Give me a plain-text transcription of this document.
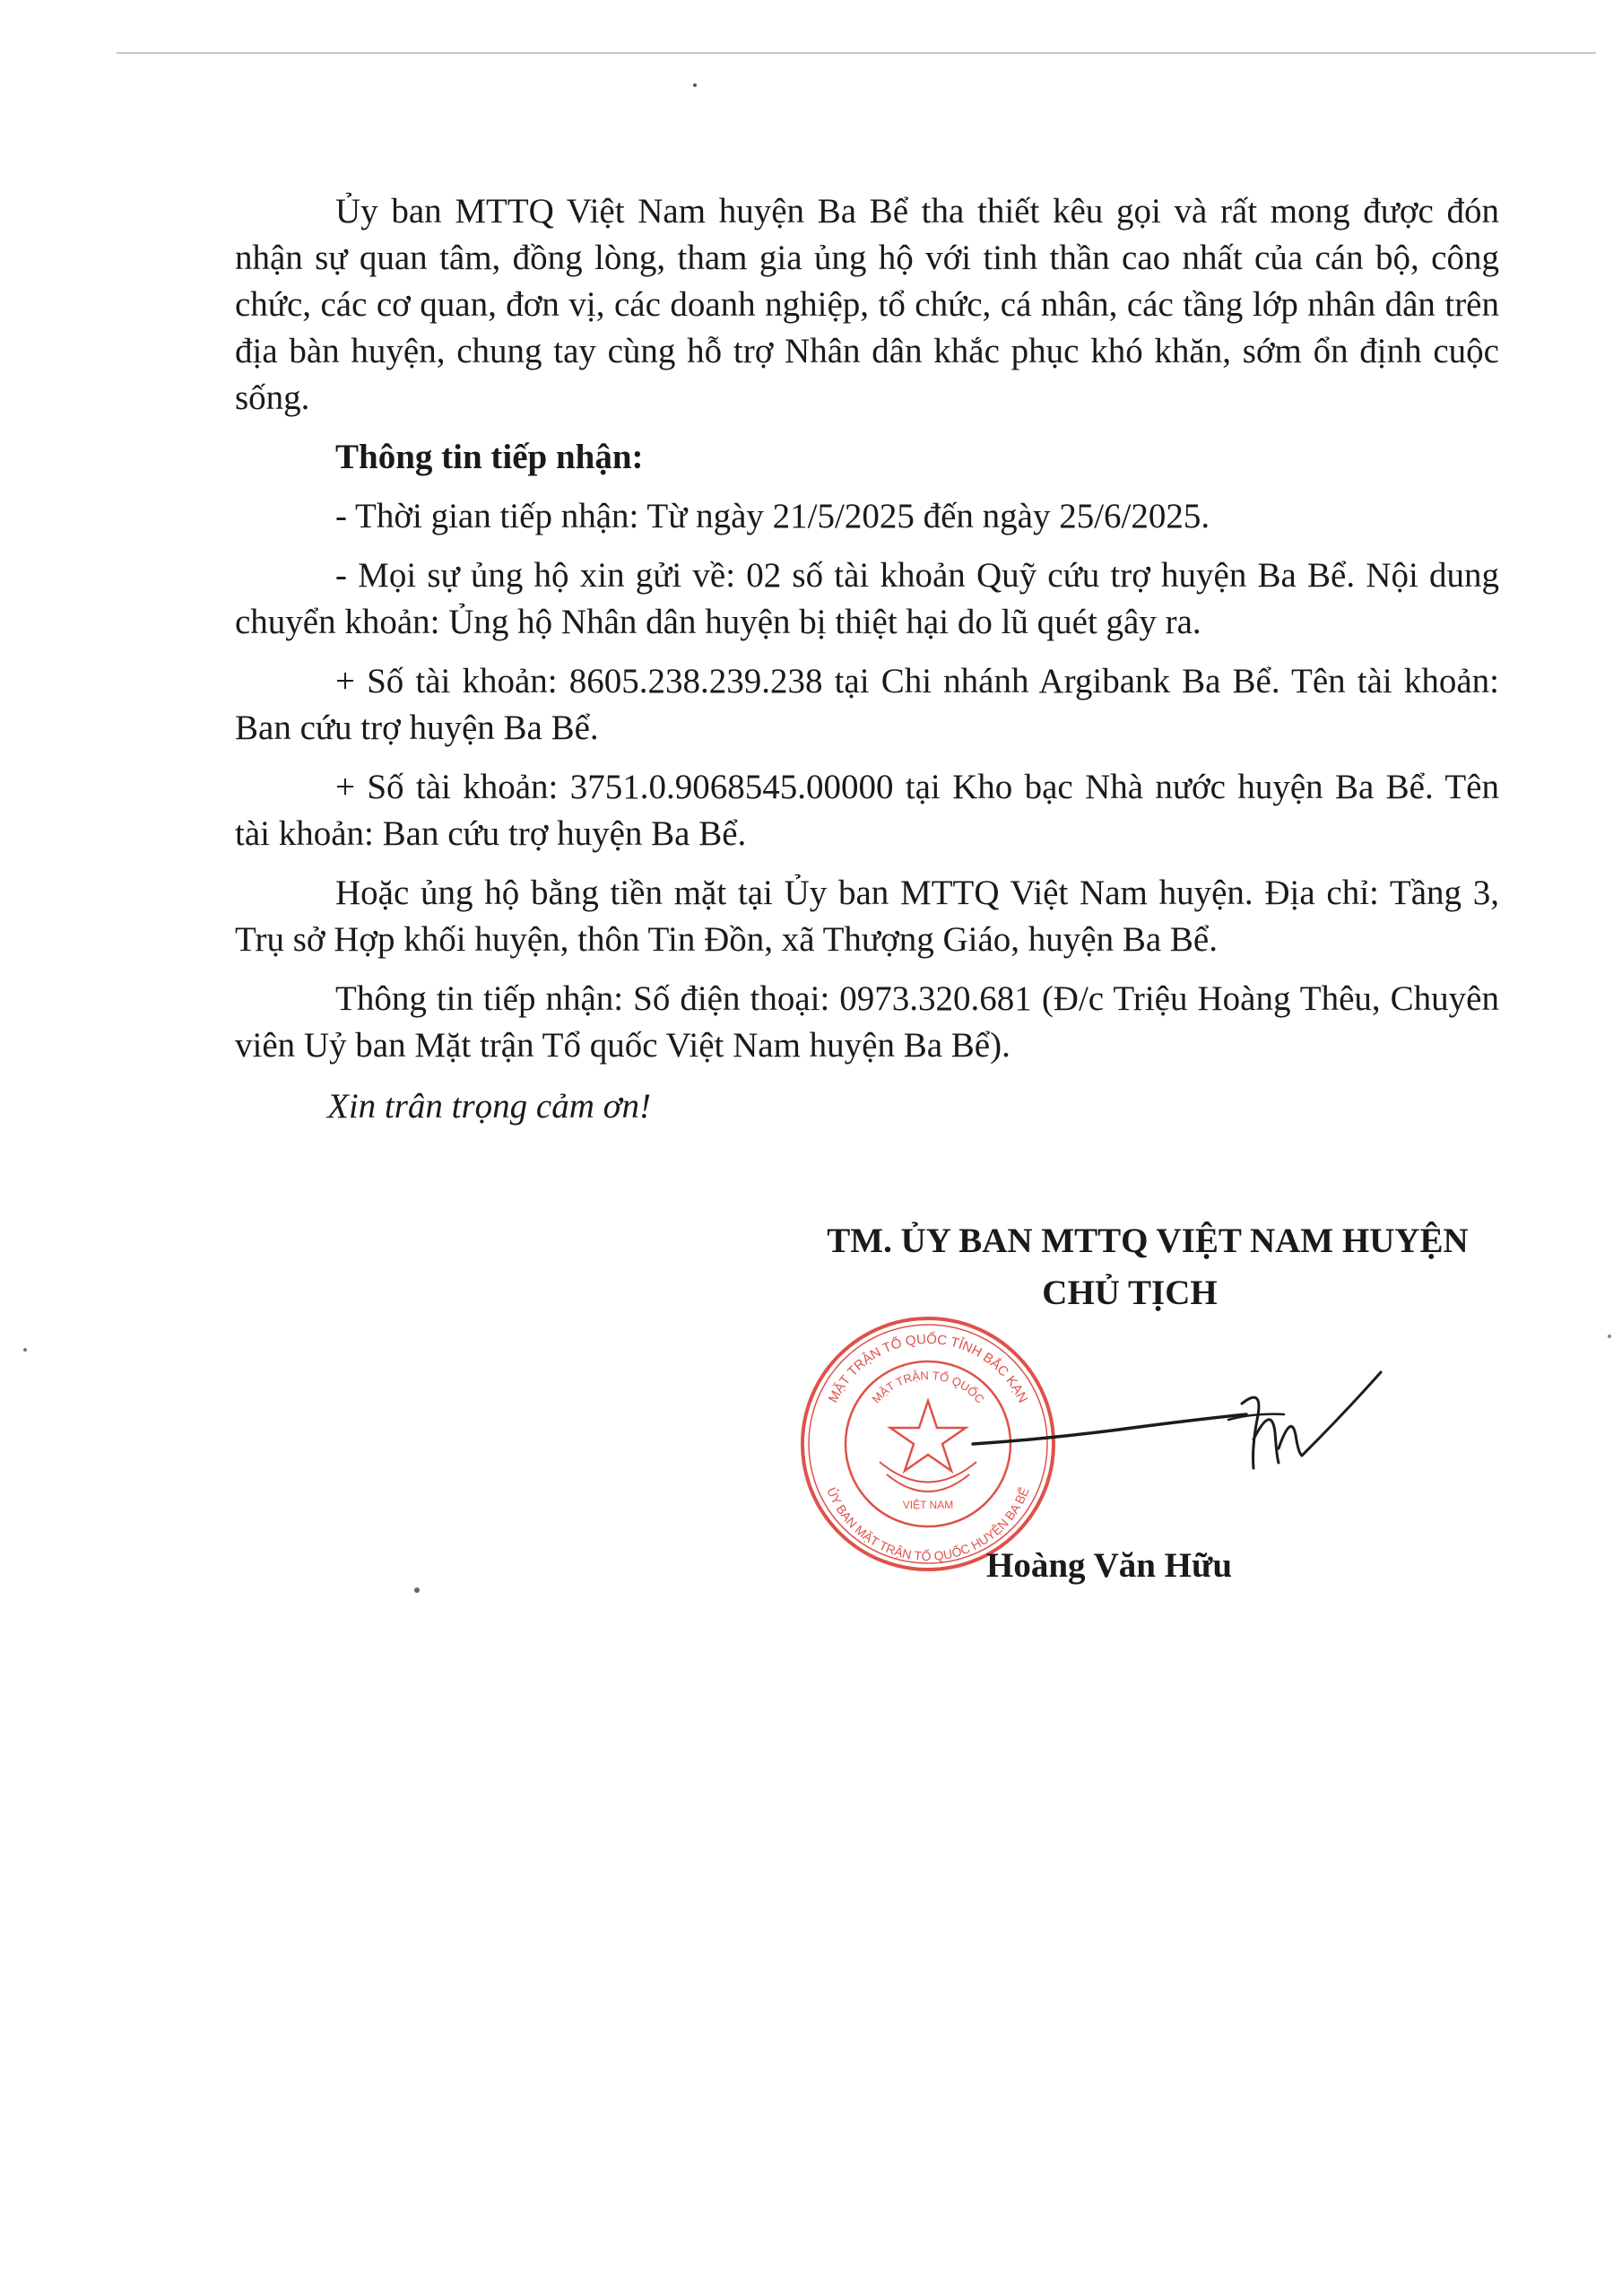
Ủy ban MTTQ Việt Nam huyện Ba Bể tha thiết kêu gọi và rất mong được đón nhận sự quan tâm, đồng lòng, tham gia ủng hộ với tinh thần cao nhất của cán bộ, công chức, các cơ quan, đơn vị, các doanh nghiệp, tổ chức, cá nhân, các tầng lớp nhân dân trên địa bàn huyện, chung tay cùng hỗ trợ Nhân dân khắc phục khó khăn, sớm ổn định cuộc sống.

Thông tin tiếp nhận:

- Thời gian tiếp nhận: Từ ngày 21/5/2025 đến ngày 25/6/2025.

- Mọi sự ủng hộ xin gửi về: 02 số tài khoản Quỹ cứu trợ huyện Ba Bể. Nội dung chuyển khoản: Ủng hộ Nhân dân huyện bị thiệt hại do lũ quét gây ra.

+ Số tài khoản: 8605.238.239.238 tại Chi nhánh Argibank Ba Bể. Tên tài khoản: Ban cứu trợ huyện Ba Bể.

+ Số tài khoản: 3751.0.9068545.00000 tại Kho bạc Nhà nước huyện Ba Bể. Tên tài khoản: Ban cứu trợ huyện Ba Bể.

Hoặc ủng hộ bằng tiền mặt tại Ủy ban MTTQ Việt Nam huyện. Địa chỉ: Tầng 3, Trụ sở Hợp khối huyện, thôn Tin Đồn, xã Thượng Giáo, huyện Ba Bể.

Thông tin tiếp nhận: Số điện thoại: 0973.320.681 (Đ/c Triệu Hoàng Thêu, Chuyên viên Uỷ ban Mặt trận Tổ quốc Việt Nam huyện Ba Bể).

Xin trân trọng cảm ơn!

TM. ỦY BAN MTTQ VIỆT NAM HUYỆN

CHỦ TỊCH

MẶT TRẬN TỔ QUỐC TỈNH BẮC KẠN
MẶT TRẬN TỔ QUỐC
VIỆT NAM
ỦY BAN MẶT TRẬN TỔ QUỐC HUYỆN BA BỂ

Hoàng Văn Hữu
